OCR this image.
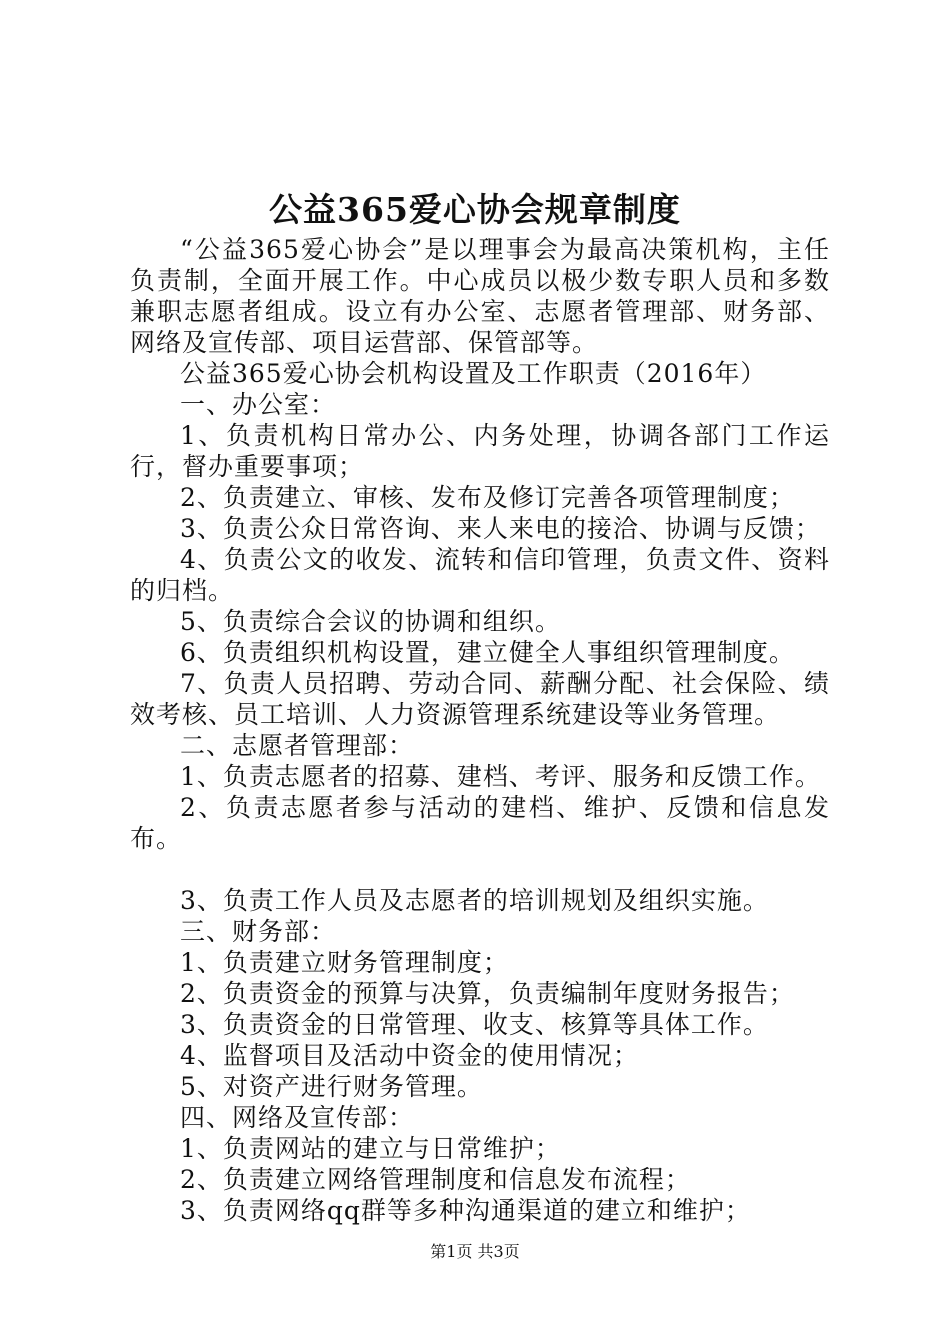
公益365爱心协会规章制度

“公益365爱心协会”是以理事会为最高决策机构，主任负责制，全面开展工作。中心成员以极少数专职人员和多数兼职志愿者组成。设立有办公室、志愿者管理部、财务部、网络及宣传部、项目运营部、保管部等。

公益365爱心协会机构设置及工作职责（2016年）

一、办公室：

1、负责机构日常办公、内务处理，协调各部门工作运行，督办重要事项；

2、负责建立、审核、发布及修订完善各项管理制度；

3、负责公众日常咨询、来人来电的接洽、协调与反馈；

4、负责公文的收发、流转和信印管理，负责文件、资料的归档。

5、负责综合会议的协调和组织。

6、负责组织机构设置，建立健全人事组织管理制度。

7、负责人员招聘、劳动合同、薪酬分配、社会保险、绩效考核、员工培训、人力资源管理系统建设等业务管理。

二、志愿者管理部：

1、负责志愿者的招募、建档、考评、服务和反馈工作。

2、负责志愿者参与活动的建档、维护、反馈和信息发布。

3、负责工作人员及志愿者的培训规划及组织实施。

三、财务部：

1、负责建立财务管理制度；

2、负责资金的预算与决算，负责编制年度财务报告；

3、负责资金的日常管理、收支、核算等具体工作。

4、监督项目及活动中资金的使用情况；

5、对资产进行财务管理。

四、网络及宣传部：

1、负责网站的建立与日常维护；

2、负责建立网络管理制度和信息发布流程；

3、负责网络qq群等多种沟通渠道的建立和维护；

第1页 共3页
